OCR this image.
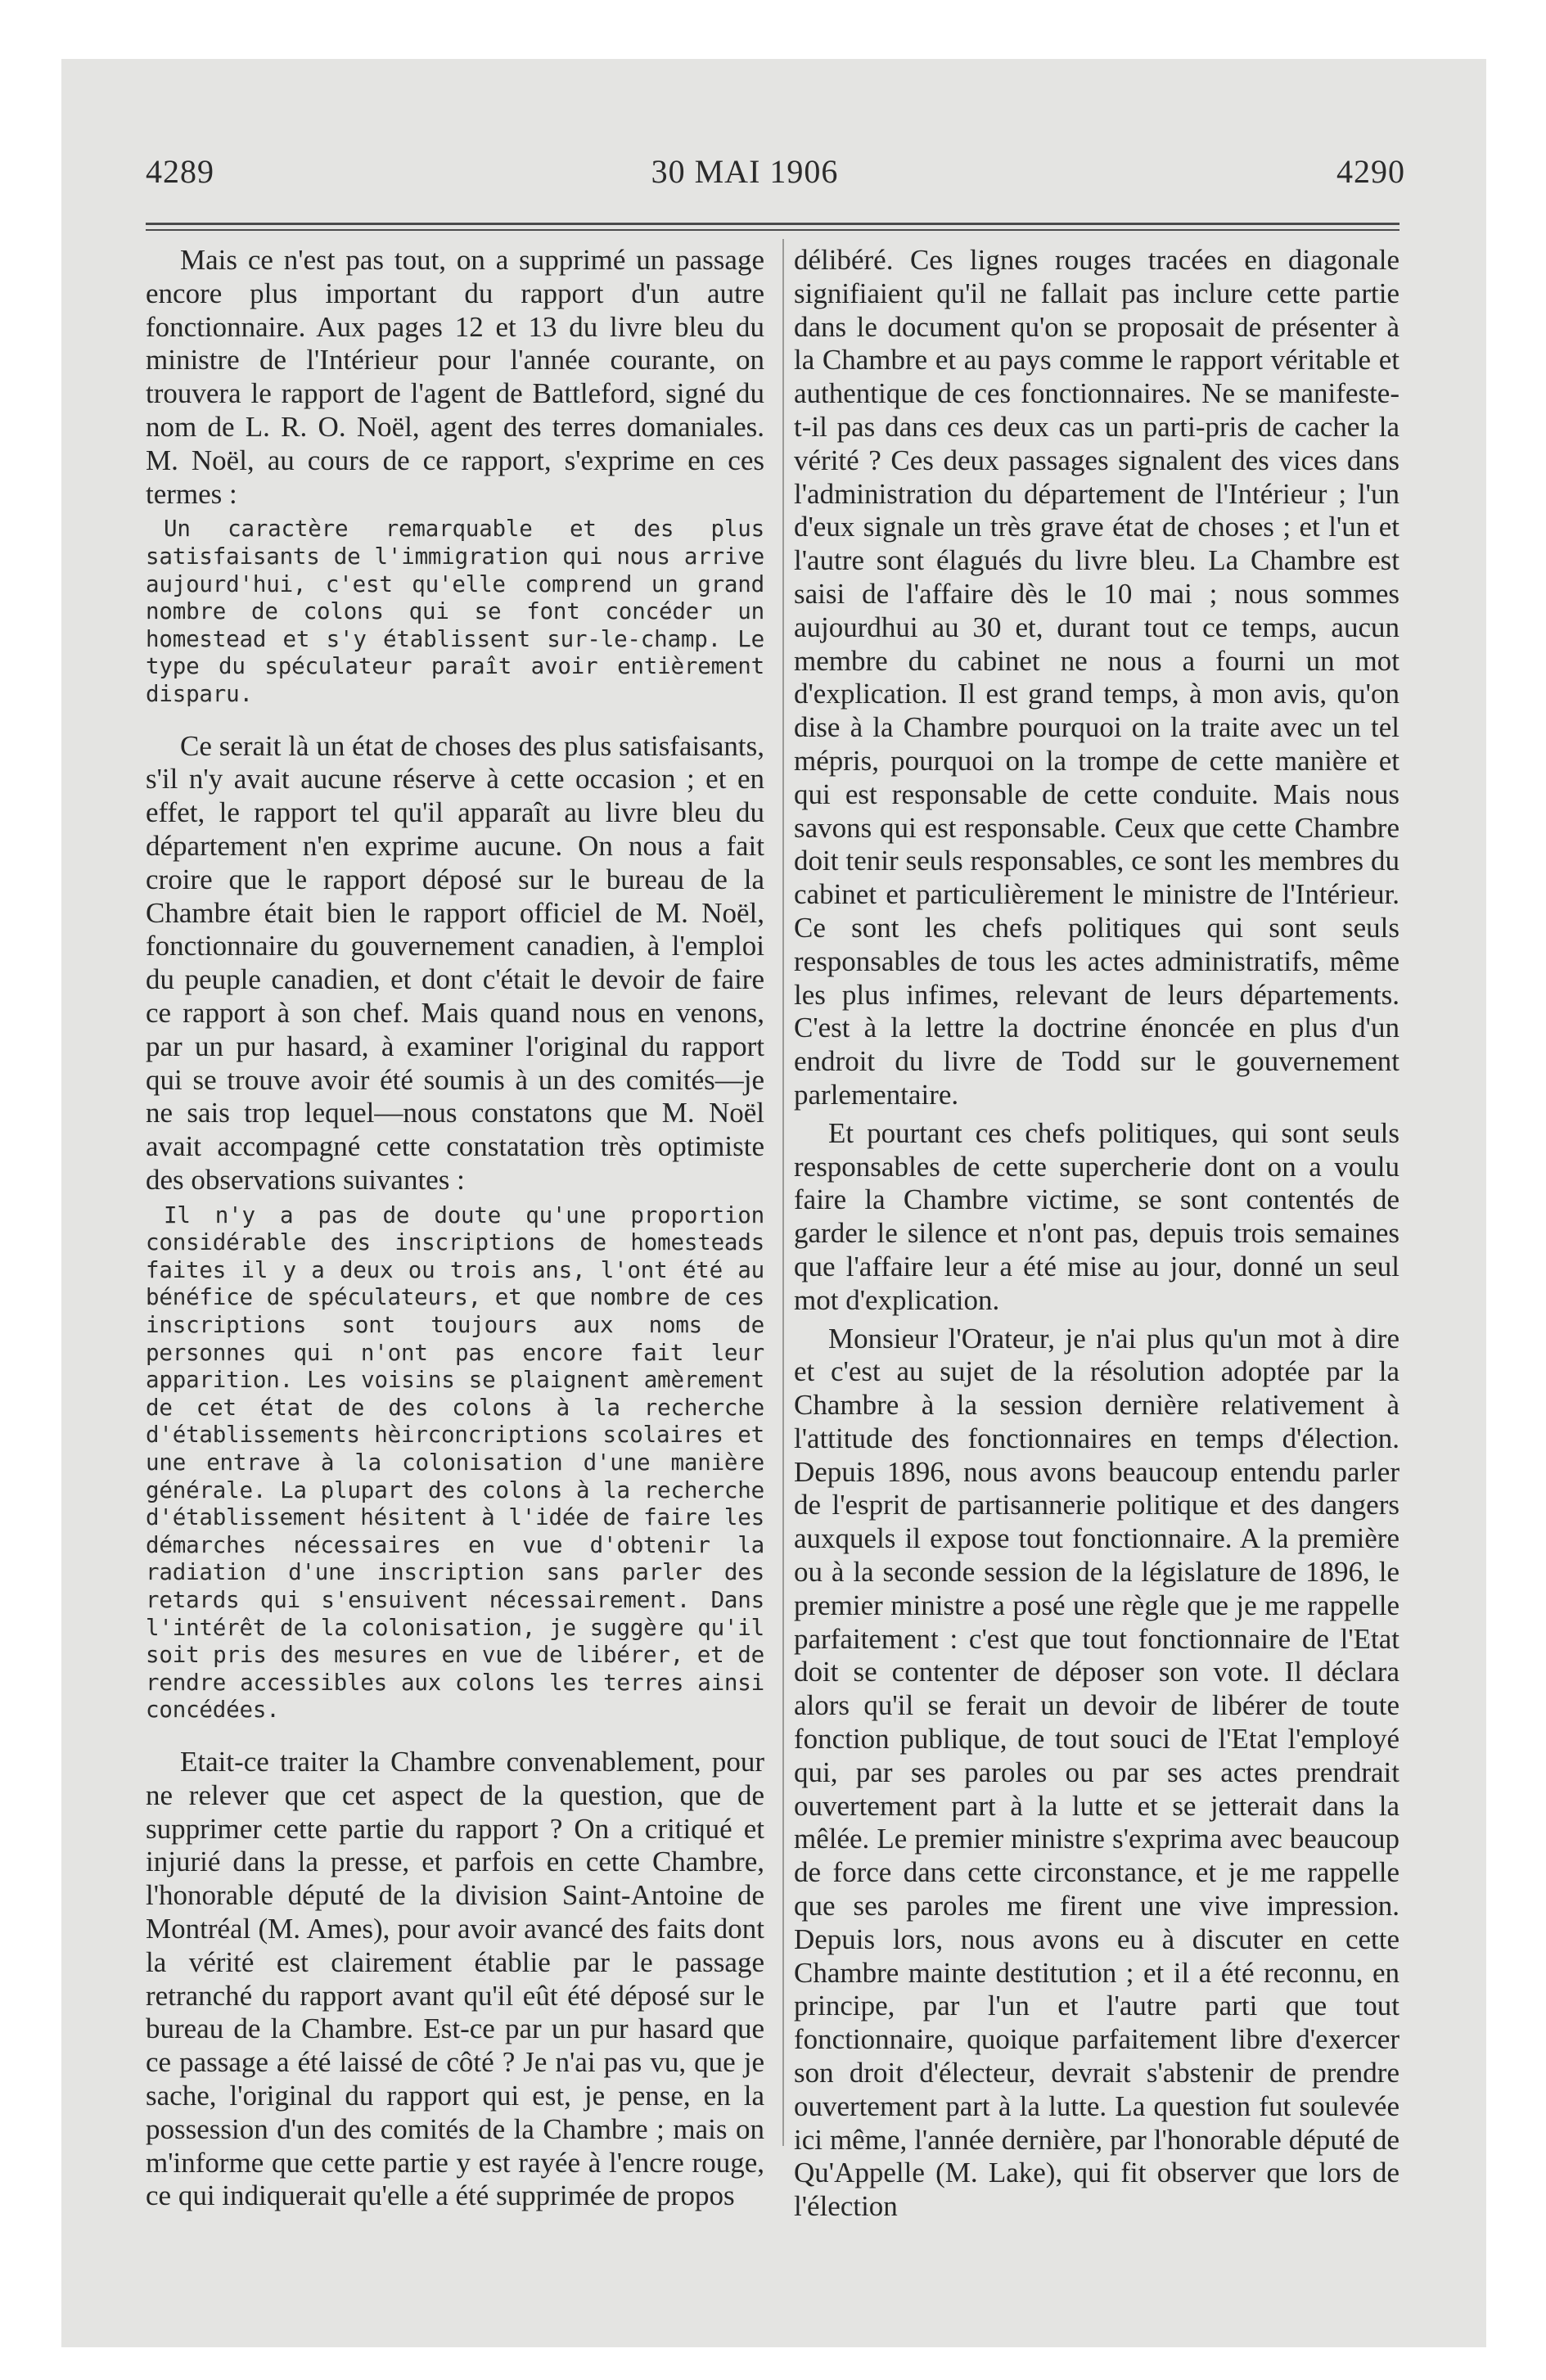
4289	30 MAI 1906	4290

Mais ce n'est pas tout, on a supprimé un passage encore plus important du rapport d'un autre fonctionnaire. Aux pages 12 et 13 du livre bleu du ministre de l'Intérieur pour l'année courante, on trouvera le rapport de l'agent de Battleford, signé du nom de L. R. O. Noël, agent des terres domaniales. M. Noël, au cours de ce rapport, s'exprime en ces termes :

Un caractère remarquable et des plus satisfaisants de l'immigration qui nous arrive aujourd'hui, c'est qu'elle comprend un grand nombre de colons qui se font concéder un homestead et s'y établissent sur-le-champ. Le type du spéculateur paraît avoir entièrement disparu.

Ce serait là un état de choses des plus satisfaisants, s'il n'y avait aucune réserve à cette occasion ; et en effet, le rapport tel qu'il apparaît au livre bleu du département n'en exprime aucune. On nous a fait croire que le rapport déposé sur le bureau de la Chambre était bien le rapport officiel de M. Noël, fonctionnaire du gouvernement canadien, à l'emploi du peuple canadien, et dont c'était le devoir de faire ce rapport à son chef. Mais quand nous en venons, par un pur hasard, à examiner l'original du rapport qui se trouve avoir été soumis à un des comités—je ne sais trop lequel—nous constatons que M. Noël avait accompagné cette constatation très optimiste des observations suivantes :

Il n'y a pas de doute qu'une proportion considérable des inscriptions de homesteads faites il y a deux ou trois ans, l'ont été au bénéfice de spéculateurs, et que nombre de ces inscriptions sont toujours aux noms de personnes qui n'ont pas encore fait leur apparition. Les voisins se plaignent amèrement de cet état de des colons à la recherche d'établissements hèirconcriptions scolaires et une entrave à la colonisation d'une manière générale. La plupart des colons à la recherche d'établissement hésitent à l'idée de faire les démarches nécessaires en vue d'obtenir la radiation d'une inscription sans parler des retards qui s'ensuivent nécessairement. Dans l'intérêt de la colonisation, je suggère qu'il soit pris des mesures en vue de libérer, et de rendre accessibles aux colons les terres ainsi concédées.

Etait-ce traiter la Chambre convenablement, pour ne relever que cet aspect de la question, que de supprimer cette partie du rapport ? On a critiqué et injurié dans la presse, et parfois en cette Chambre, l'honorable député de la division Saint-Antoine de Montréal (M. Ames), pour avoir avancé des faits dont la vérité est clairement établie par le passage retranché du rapport avant qu'il eût été déposé sur le bureau de la Chambre. Est-ce par un pur hasard que ce passage a été laissé de côté ? Je n'ai pas vu, que je sache, l'original du rapport qui est, je pense, en la possession d'un des comités de la Chambre ; mais on m'informe que cette partie y est rayée à l'encre rouge, ce qui indiquerait qu'elle a été supprimée de propos

délibéré. Ces lignes rouges tracées en diagonale signifiaient qu'il ne fallait pas inclure cette partie dans le document qu'on se proposait de présenter à la Chambre et au pays comme le rapport véritable et authentique de ces fonctionnaires. Ne se manifeste-t-il pas dans ces deux cas un parti-pris de cacher la vérité ? Ces deux passages signalent des vices dans l'administration du département de l'Intérieur ; l'un d'eux signale un très grave état de choses ; et l'un et l'autre sont élagués du livre bleu. La Chambre est saisi de l'affaire dès le 10 mai ; nous sommes aujourdhui au 30 et, durant tout ce temps, aucun membre du cabinet ne nous a fourni un mot d'explication. Il est grand temps, à mon avis, qu'on dise à la Chambre pourquoi on la traite avec un tel mépris, pourquoi on la trompe de cette manière et qui est responsable de cette conduite. Mais nous savons qui est responsable. Ceux que cette Chambre doit tenir seuls responsables, ce sont les membres du cabinet et particulièrement le ministre de l'Intérieur. Ce sont les chefs politiques qui sont seuls responsables de tous les actes administratifs, même les plus infimes, relevant de leurs départements. C'est à la lettre la doctrine énoncée en plus d'un endroit du livre de Todd sur le gouvernement parlementaire.

Et pourtant ces chefs politiques, qui sont seuls responsables de cette supercherie dont on a voulu faire la Chambre victime, se sont contentés de garder le silence et n'ont pas, depuis trois semaines que l'affaire leur a été mise au jour, donné un seul mot d'explication.

Monsieur l'Orateur, je n'ai plus qu'un mot à dire et c'est au sujet de la résolution adoptée par la Chambre à la session dernière relativement à l'attitude des fonctionnaires en temps d'élection. Depuis 1896, nous avons beaucoup entendu parler de l'esprit de partisannerie politique et des dangers auxquels il expose tout fonctionnaire. A la première ou à la seconde session de la législature de 1896, le premier ministre a posé une règle que je me rappelle parfaitement : c'est que tout fonctionnaire de l'Etat doit se contenter de déposer son vote. Il déclara alors qu'il se ferait un devoir de libérer de toute fonction publique, de tout souci de l'Etat l'employé qui, par ses paroles ou par ses actes prendrait ouvertement part à la lutte et se jetterait dans la mêlée. Le premier ministre s'exprima avec beaucoup de force dans cette circonstance, et je me rappelle que ses paroles me firent une vive impression. Depuis lors, nous avons eu à discuter en cette Chambre mainte destitution ; et il a été reconnu, en principe, par l'un et l'autre parti que tout fonctionnaire, quoique parfaitement libre d'exercer son droit d'électeur, devrait s'abstenir de prendre ouvertement part à la lutte. La question fut soulevée ici même, l'année dernière, par l'honorable député de Qu'Appelle (M. Lake), qui fit observer que lors de l'élection
